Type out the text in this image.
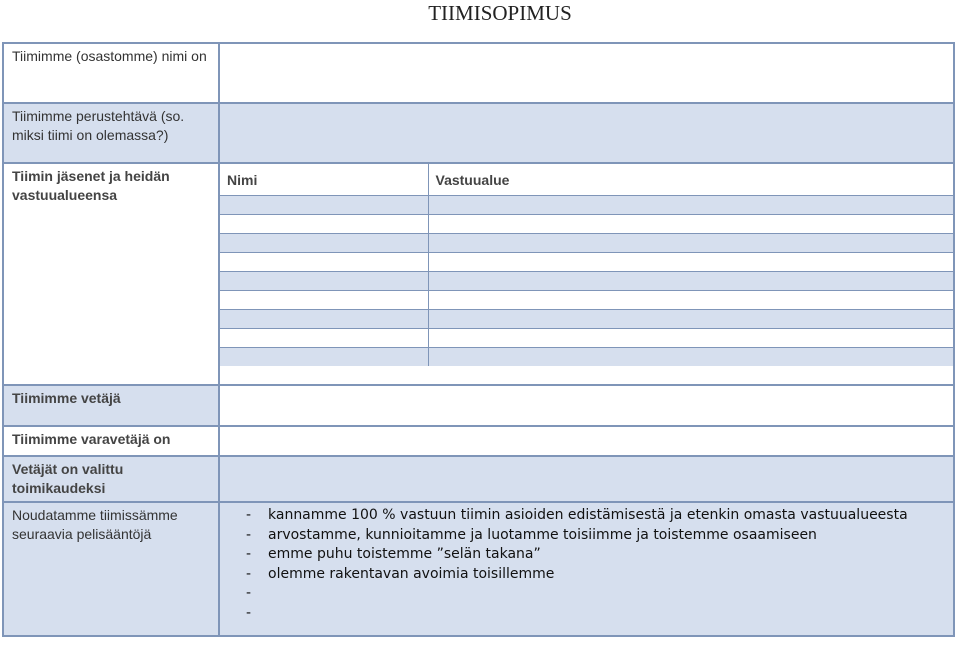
TIIMISOPIMUS
Tiimimme (osastomme) nimi on	
Tiimimme perustehtävä (so. miksi tiimi on olemassa?)	
Tiimin jäsenet ja heidän vastuualueensa	
Nimi	Vastuualue

Tiimimme vetäjä	
Tiimimme varavetäjä on	
Vetäjät on valittu toimikaudeksi	
Noudatamme tiimissämme seuraavia pelisääntöjä	
- kannamme 100 % vastuun tiimin asioiden edistämisestä ja etenkin omasta vastuualueesta
- arvostamme, kunnioitamme ja luotamme toisiimme ja toistemme osaamiseen
- emme puhu toistemme ”selän takana”
- olemme rakentavan avoimia toisillemme
-
-
